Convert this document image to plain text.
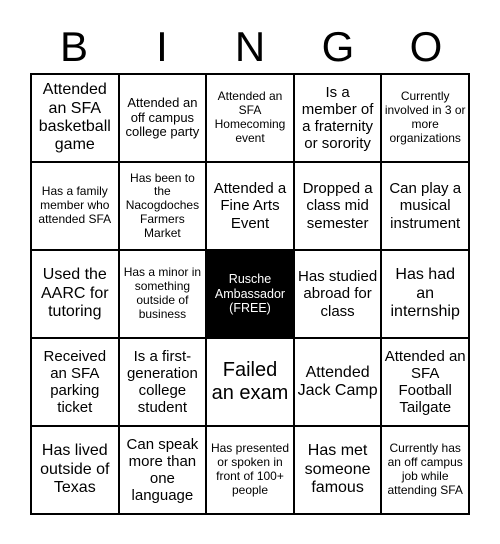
B	I	N	G	O
Attended an SFA basketball game
Attended an off campus college party
Attended an SFA Homecoming event
Is a member of a fraternity or sorority
Currently involved in 3 or more organizations
Has a family member who attended SFA
Has been to the Nacogdoches Farmers Market
Attended a Fine Arts Event
Dropped a class mid semester
Can play a musical instrument
Used the AARC for tutoring
Has a minor in something outside of business
Rusche Ambassador (FREE)
Has studied abroad for class
Has had an internship
Received an SFA parking ticket
Is a first-generation college student
Failed an exam
Attended Jack Camp
Attended an SFA Football Tailgate
Has lived outside of Texas
Can speak more than one language
Has presented or spoken in front of 100+ people
Has met someone famous
Currently has an off campus job while attending SFA
